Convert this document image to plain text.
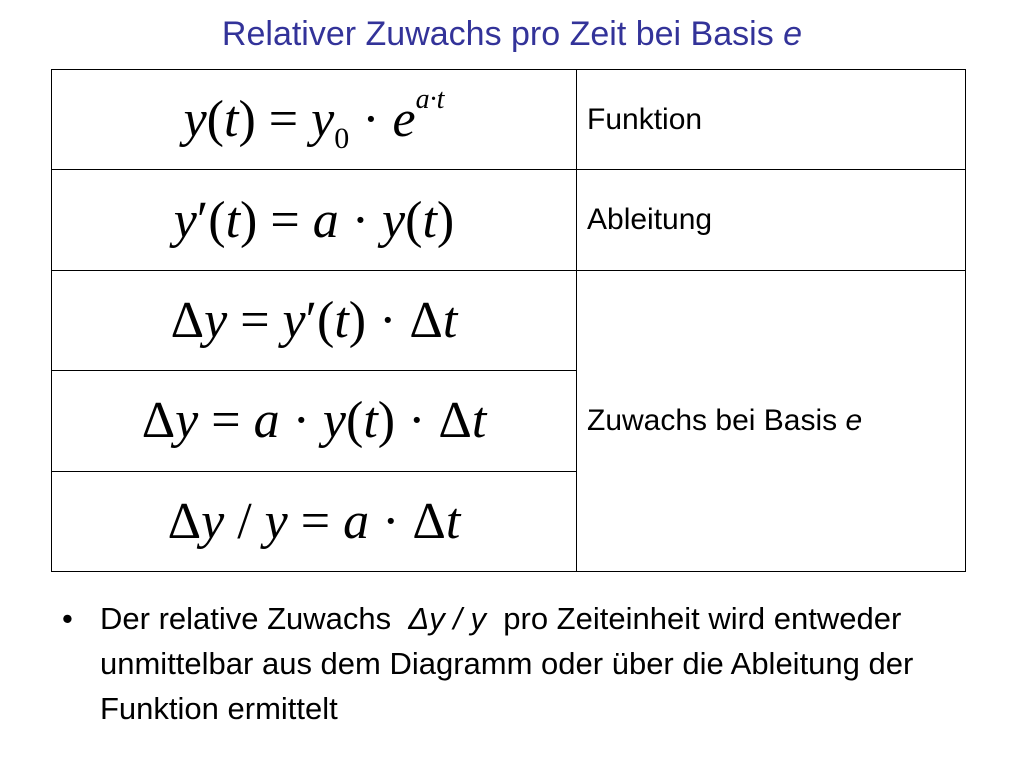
Relativer Zuwachs pro Zeit bei Basis e
$y(t) = y_0 \cdot e^{a\cdot t}$	Funktion
y′(t) = a · y(t)	Ableitung
Δy = y′(t) · Δt	Zuwachs bei Basis e
Δy = a · y(t) · Δt	
Δy / y = a · Δt	
• Der relative Zuwachs Δy / y pro Zeiteinheit wird entweder unmittelbar aus dem Diagramm oder über die Ableitung der Funktion ermittelt
